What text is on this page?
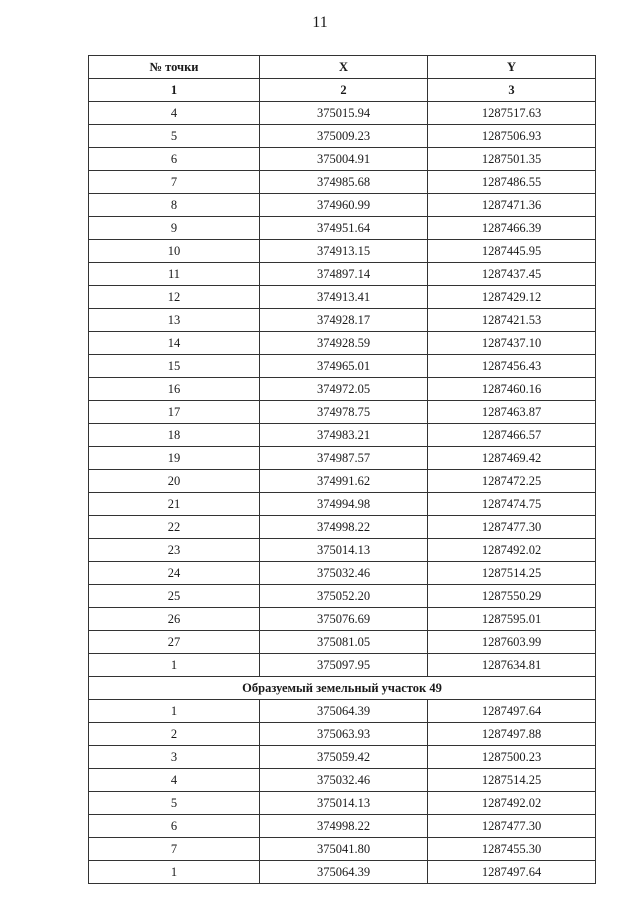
11
№ точки	X	Y
1	2	3
4	375015.94	1287517.63
5	375009.23	1287506.93
6	375004.91	1287501.35
7	374985.68	1287486.55
8	374960.99	1287471.36
9	374951.64	1287466.39
10	374913.15	1287445.95
11	374897.14	1287437.45
12	374913.41	1287429.12
13	374928.17	1287421.53
14	374928.59	1287437.10
15	374965.01	1287456.43
16	374972.05	1287460.16
17	374978.75	1287463.87
18	374983.21	1287466.57
19	374987.57	1287469.42
20	374991.62	1287472.25
21	374994.98	1287474.75
22	374998.22	1287477.30
23	375014.13	1287492.02
24	375032.46	1287514.25
25	375052.20	1287550.29
26	375076.69	1287595.01
27	375081.05	1287603.99
1	375097.95	1287634.81
Образуемый земельный участок 49		
1	375064.39	1287497.64
2	375063.93	1287497.88
3	375059.42	1287500.23
4	375032.46	1287514.25
5	375014.13	1287492.02
6	374998.22	1287477.30
7	375041.80	1287455.30
1	375064.39	1287497.64
